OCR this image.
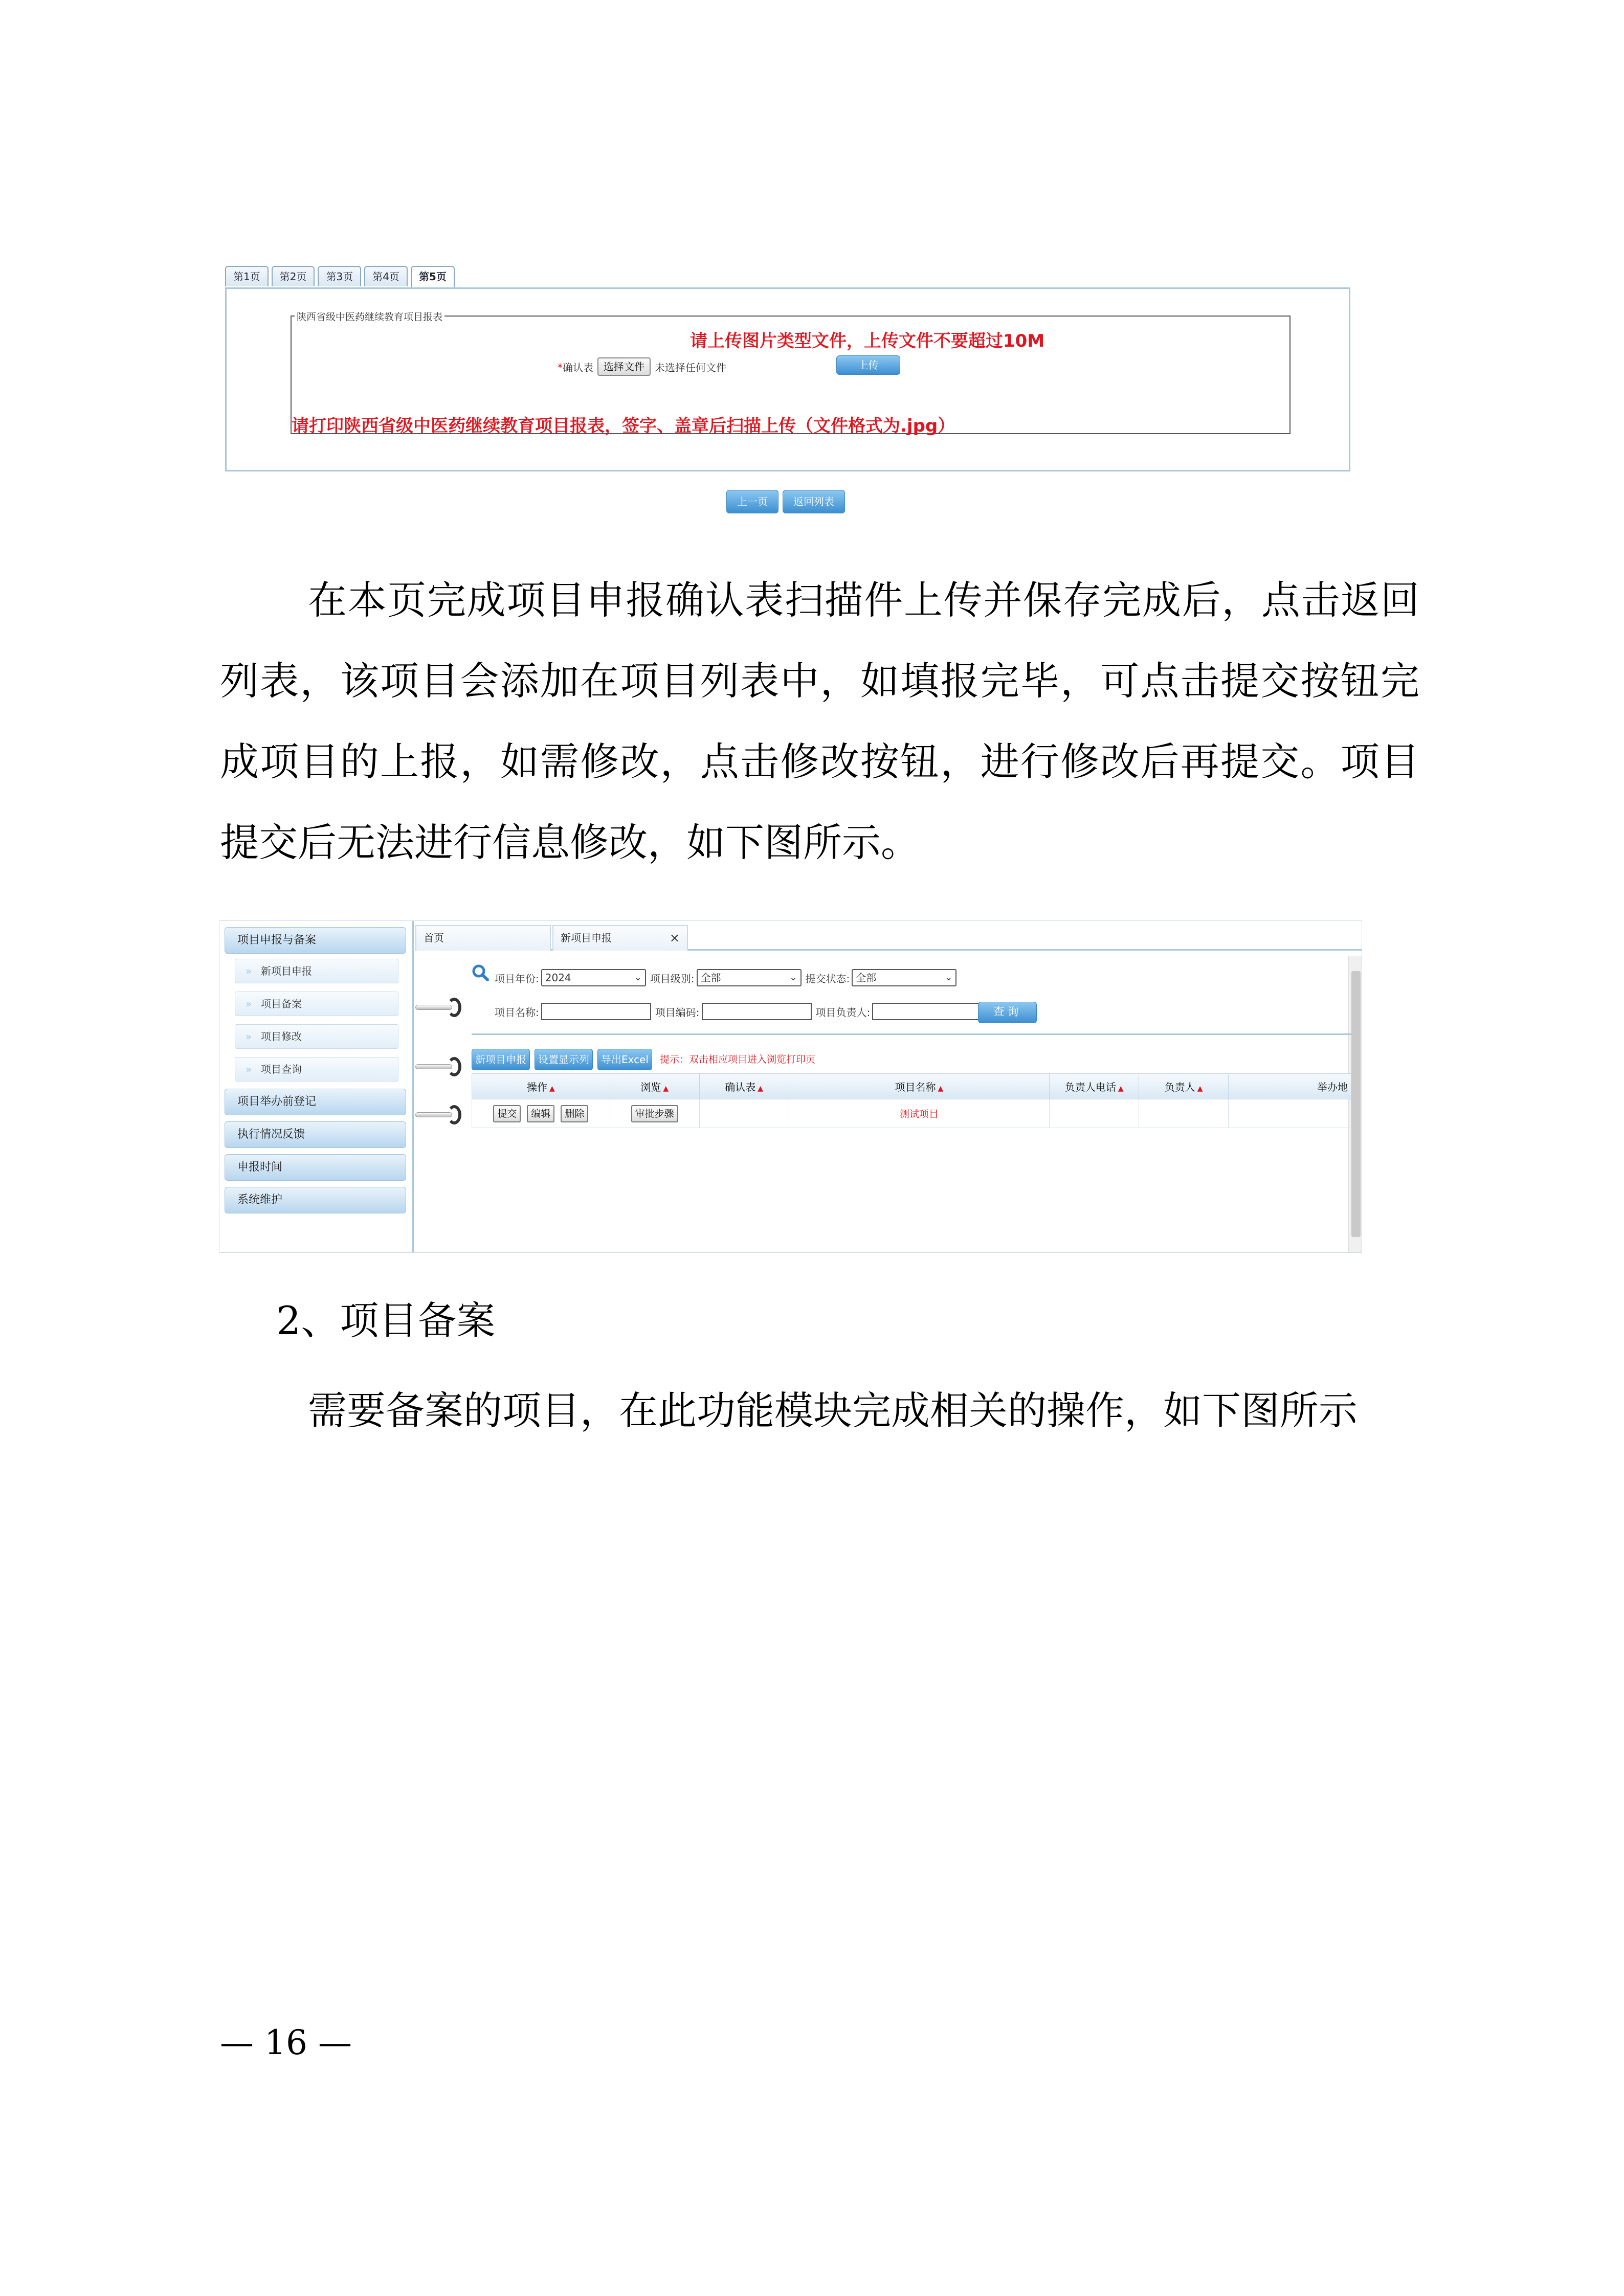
第1页	第2页	第3页	第4页	第5页
陕西省级中医药继续教育项目报表
请上传图片类型文件，上传文件不要超过10M
*确认表	选择文件	未选择任何文件	上传
请打印陕西省级中医药继续教育项目报表，签字、盖章后扫描上传（文件格式为.jpg）
上一页	返回列表
在本页完成项目申报确认表扫描件上传并保存完成后，点击返回列表，该项目会添加在项目列表中，如填报完毕，可点击提交按钮完成项目的上报，如需修改，点击修改按钮，进行修改后再提交。项目提交后无法进行信息修改，如下图所示。
项目申报与备案
» 新项目申报
» 项目备案
» 项目修改
» 项目查询
项目举办前登记
执行情况反馈
申报时间
系统维护
首页	新项目申报	×
项目年份: 2024	⌄ 项目级别: 全部	⌄ 提交状态: 全部	⌄
项目名称:	项目编码:	项目负责人:	查询
新项目申报	设置显示列	导出Excel	提示：双击相应项目进入浏览打印页
操作 ▲	浏览 ▲	确认表 ▲	项目名称 ▲	负责人电话 ▲	负责人 ▲	举办地
提交 编辑 删除	审批步骤		测试项目			
2、项目备案
需要备案的项目，在此功能模块完成相关的操作，如下图所示
— 16 —
